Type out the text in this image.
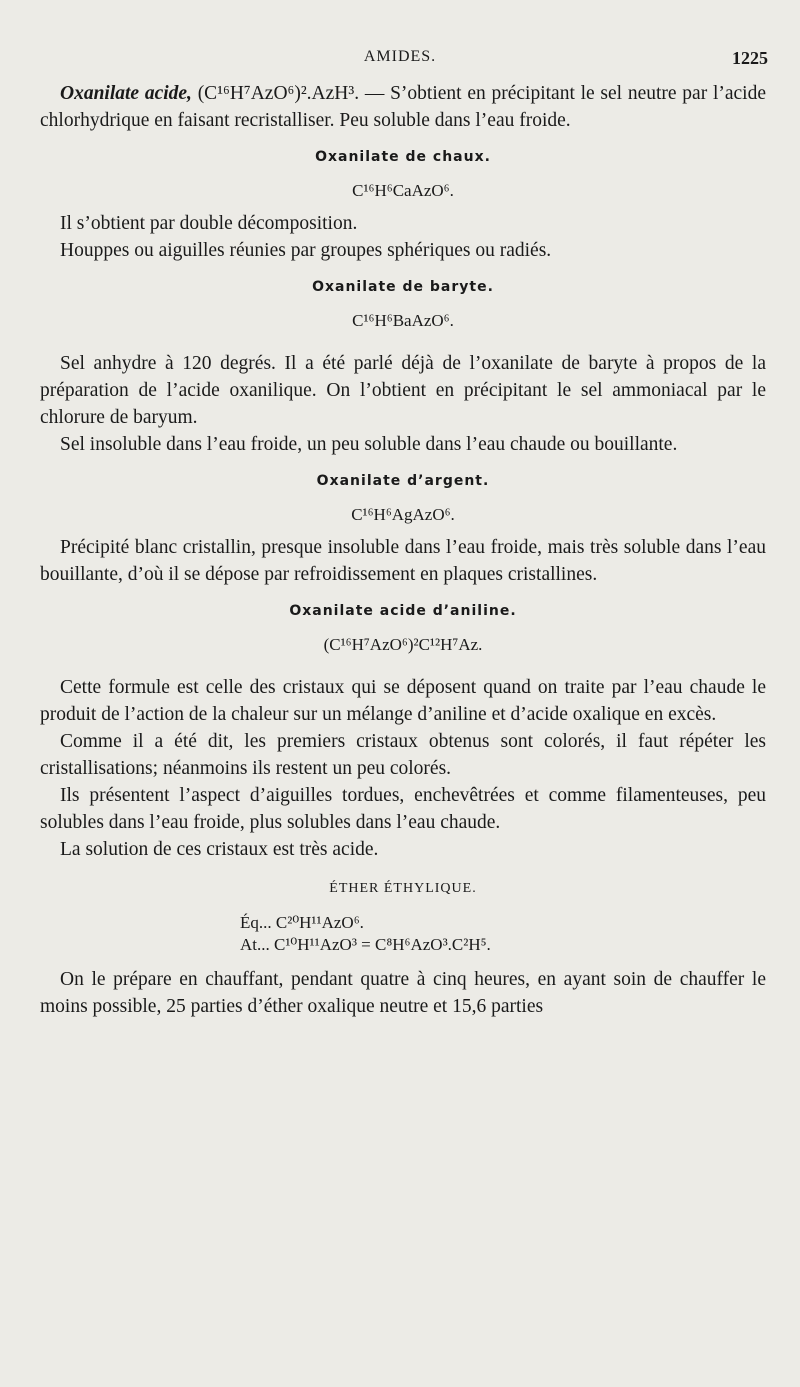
AMIDES.	1225

Oxanilate acide, (C¹⁶H⁷AzO⁶)².AzH³. — S’obtient en précipitant le sel neutre par l’acide chlorhydrique en faisant recristalliser. Peu soluble dans l’eau froide.

Oxanilate de chaux.
C¹⁶H⁶CaAzO⁶.

Il s’obtient par double décomposition.

Houppes ou aiguilles réunies par groupes sphériques ou radiés.

Oxanilate de baryte.
C¹⁶H⁶BaAzO⁶.

Sel anhydre à 120 degrés. Il a été parlé déjà de l’oxanilate de baryte à propos de la préparation de l’acide oxanilique. On l’obtient en précipitant le sel ammoniacal par le chlorure de baryum.

Sel insoluble dans l’eau froide, un peu soluble dans l’eau chaude ou bouillante.

Oxanilate d’argent.
C¹⁶H⁶AgAzO⁶.

Précipité blanc cristallin, presque insoluble dans l’eau froide, mais très soluble dans l’eau bouillante, d’où il se dépose par refroidissement en plaques cristallines.

Oxanilate acide d’aniline.
(C¹⁶H⁷AzO⁶)²C¹²H⁷Az.

Cette formule est celle des cristaux qui se déposent quand on traite par l’eau chaude le produit de l’action de la chaleur sur un mélange d’aniline et d’acide oxalique en excès.

Comme il a été dit, les premiers cristaux obtenus sont colorés, il faut répéter les cristallisations; néanmoins ils restent un peu colorés.

Ils présentent l’aspect d’aiguilles tordues, enchevêtrées et comme filamenteuses, peu solubles dans l’eau froide, plus solubles dans l’eau chaude.

La solution de ces cristaux est très acide.

ÉTHER ÉTHYLIQUE.
Éq... C²⁰H¹¹AzO⁶.
At... C¹⁰H¹¹AzO³ = C⁸H⁶AzO³.C²H⁵.

On le prépare en chauffant, pendant quatre à cinq heures, en ayant soin de chauffer le moins possible, 25 parties d’éther oxalique neutre et 15,6 parties
